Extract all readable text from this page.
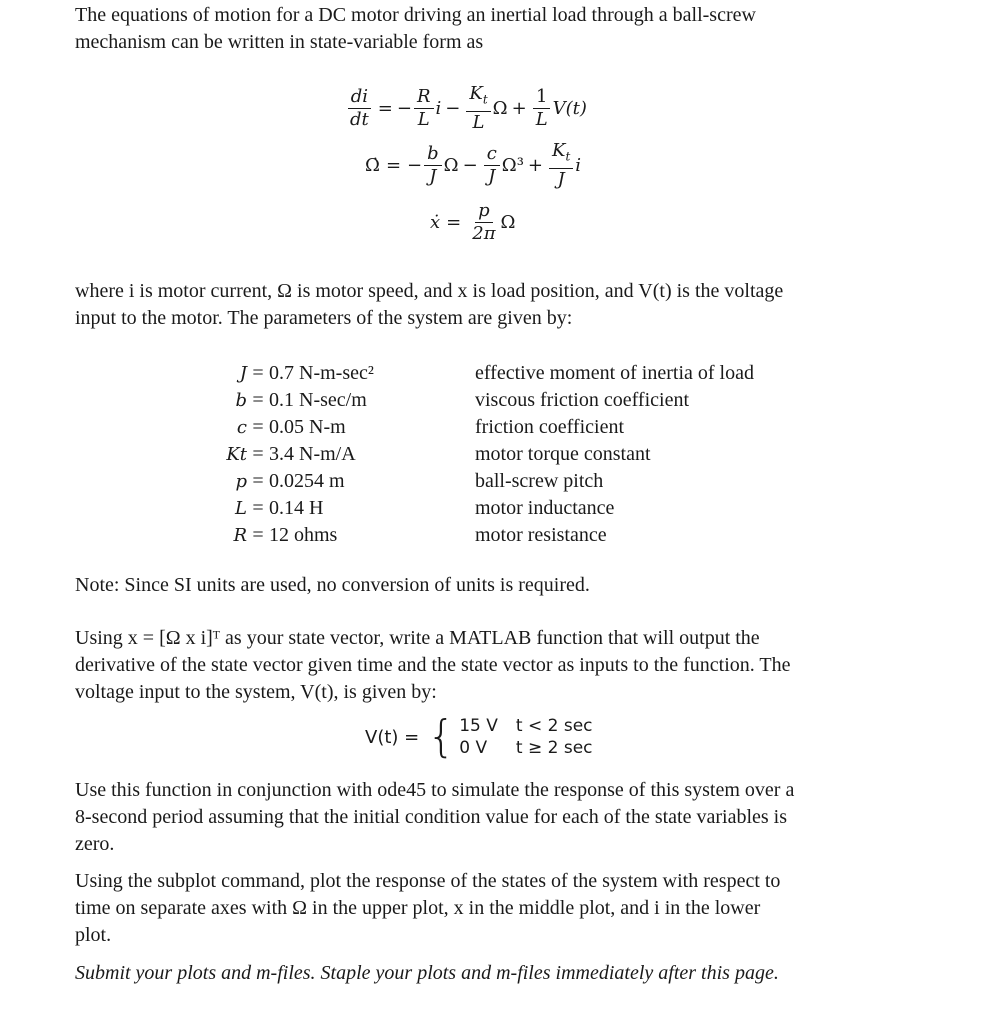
The equations of motion for a DC motor driving an inertial load through a ball-screw
mechanism can be written in state-variable form as

$\frac{di}{dt}$ = − $\frac{R}{L}$ $i - \frac{K_t}{L}$ $\Omega + \frac{1}{L} V(t)$
Ω̇ = − $\frac{b}{J}$ $\Omega - \frac{c}{J} \Omega^3 + \frac{K_t}{J}$ i
ẋ = $\frac{p}{2\pi}$ Ω

where i is motor current, Ω is motor speed, and x is load position, and V(t) is the voltage
input to the motor. The parameters of the system are given by:

J = 0.7 N-m-sec²
b = 0.1 N-sec/m
c = 0.05 N-m
Kt = 3.4 N-m/A
p = 0.0254 m
L = 0.14 H
R = 12 ohms
effective moment of inertia of load
viscous friction coefficient
friction coefficient
motor torque constant
ball-screw pitch
motor inductance
motor resistance

Note: Since SI units are used, no conversion of units is required.

Using x = [Ω x i]ᵀ as your state vector, write a MATLAB function that will output the
derivative of the state vector given time and the state vector as inputs to the function. The
voltage input to the system, V(t), is given by:

V(t) = { 15 V t < 2 sec
0 V	t ≥ 2 sec

Use this function in conjunction with ode45 to simulate the response of this system over a
8-second period assuming that the initial condition value for each of the state variables is
zero.

Using the subplot command, plot the response of the states of the system with respect to
time on separate axes with Ω in the upper plot, x in the middle plot, and i in the lower
plot.

Submit your plots and m-files. Staple your plots and m-files immediately after this page.
